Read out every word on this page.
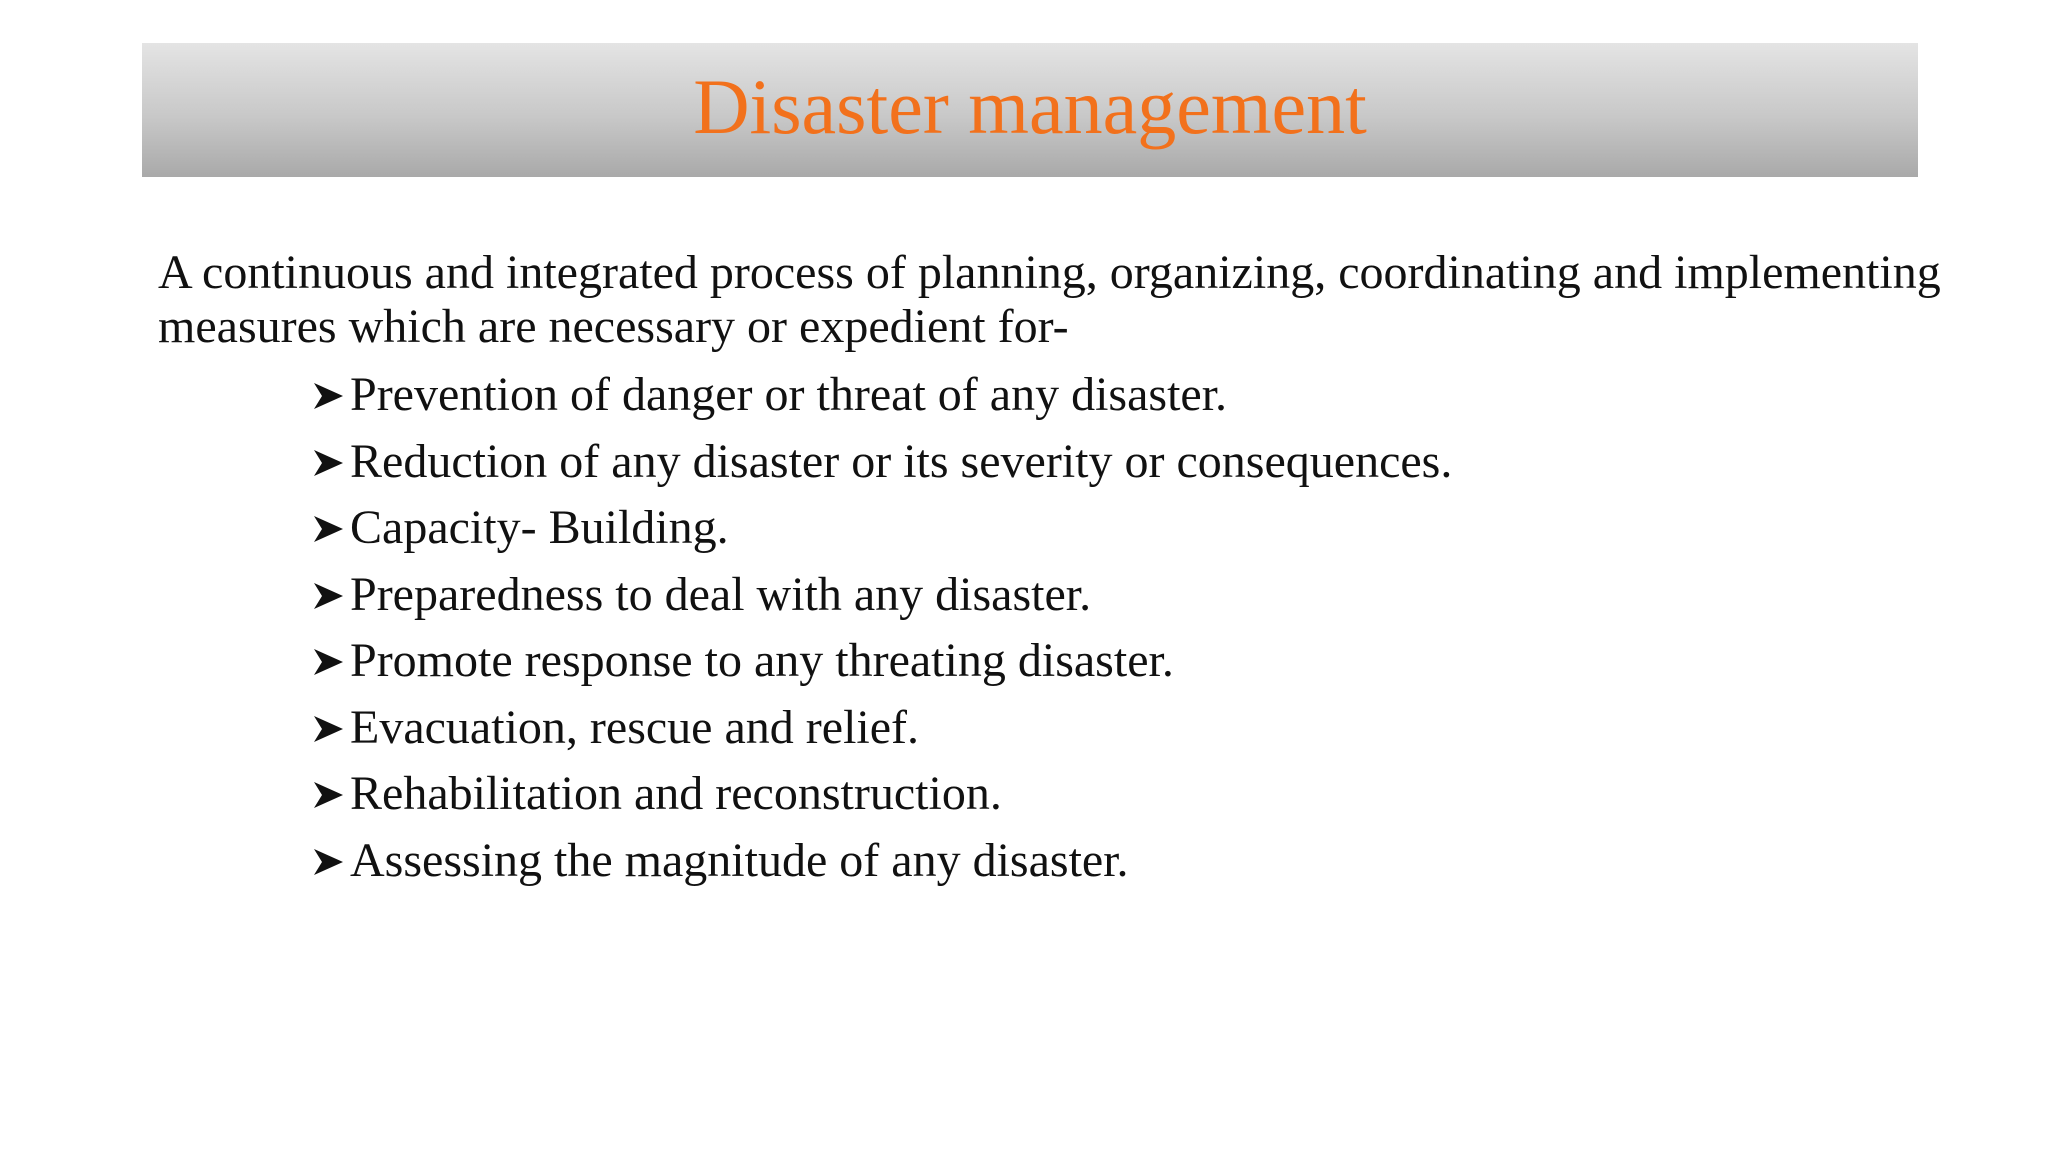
Disaster management

A continuous and integrated process of planning, organizing, coordinating and implementing measures which are necessary or expedient for-

Prevention of danger or threat of any disaster.
Reduction of any disaster or its severity or consequences.
Capacity- Building.
Preparedness to deal with any disaster.
Promote response to any threating disaster.
Evacuation, rescue and relief.
Rehabilitation and reconstruction.
Assessing the magnitude of any disaster.
